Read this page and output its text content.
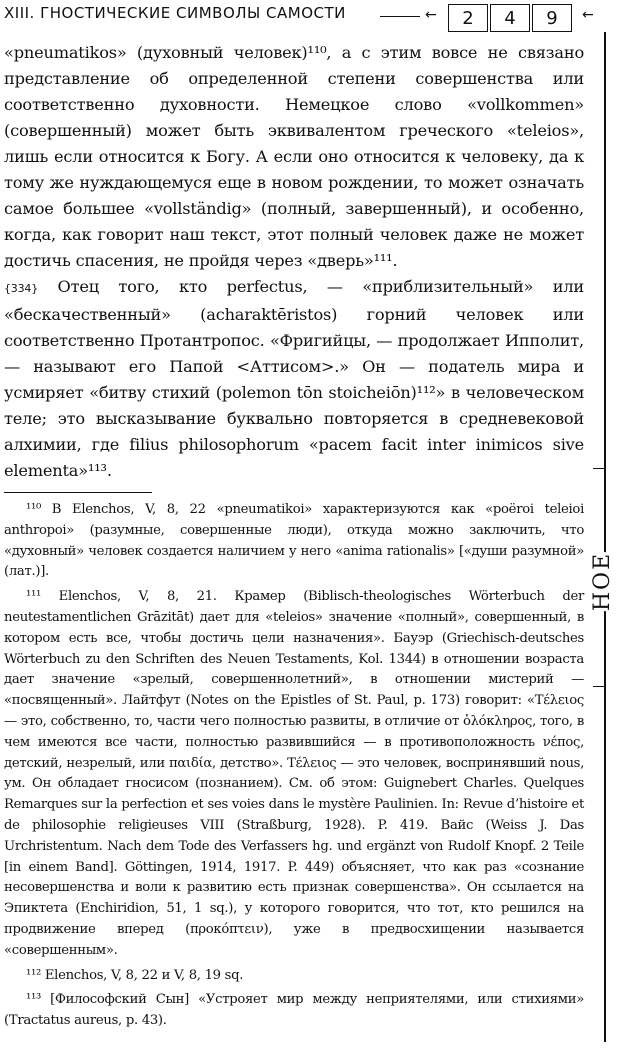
XIII. ГНОСТИЧЕСКИЕ СИМВОЛЫ САМОСТИ	←	2	4	9	←
НОЕ

«pneumatikos» (духовный человек)¹¹⁰, а с этим вовсе не связано представление об определенной степени совершенства или соответственно духовности. Немецкое слово «vollkommen» (совершенный) может быть эквивалентом греческого «teleios», лишь если относится к Богу. А если оно относится к человеку, да к тому же нуждающемуся еще в новом рождении, то может означать самое большее «vollständig» (полный, завершенный), и особенно, когда, как говорит наш текст, этот полный человек даже не может достичь спасения, не пройдя через «дверь»¹¹¹.

{334} Отец того, кто perfectus, — «приблизительный» или «бескачественный» (acharaktēristos) горний человек или соответственно Протантропос. «Фригийцы, — продолжает Ипполит, — называют его Папой <Аттисом>.» Он — податель мира и усмиряет «битву стихий (polemon tōn stoicheiōn)¹¹²» в человеческом теле; это высказывание буквально повторяется в средневековой алхимии, где filius philosophorum «pacem facit inter inimicos sive elementa»¹¹³.

¹¹⁰ В Elenchos, V, 8, 22 «pneumatikoi» характеризуются как «poëroi teleioi anthropoi» (разумные, совершенные люди), откуда можно заключить, что «духовный» человек создается наличием у него «anima rationalis» [«души разумной» (лат.)].

¹¹¹ Elenchos, V, 8, 21. Крамер (Biblisch-theologisches Wörterbuch der neutestamentlichen Grāzitāt) дает для «teleios» значение «полный», совершенный, в котором есть все, чтобы достичь цели назначения». Бауэр (Griechisch-deutsches Wörterbuch zu den Schriften des Neuen Testaments, Kol. 1344) в отношении возраста дает значение «зрелый, совершеннолетний», в отношении мистерий — «посвященный». Лайтфут (Notes on the Epistles of St. Paul, p. 173) говорит: «Τέλειος — это, собственно, то, части чего полностью развиты, в отличие от ὁλόκληρος, того, в чем имеются все части, полностью развившийся — в противоположность νέπος, детский, незрелый, или παιδία, детство». Τέλειος — это человек, воспринявший nous, ум. Он обладает гносисом (познанием). См. об этом: Guignebert Charles. Quelques Remarques sur la perfection et ses voies dans le mystère Paulinien. In: Revue d’histoire et de philosophie religieuses VIII (Straßburg, 1928). P. 419. Вайс (Weiss J. Das Urchristentum. Nach dem Tode des Verfassers hg. und ergänzt von Rudolf Knopf. 2 Teile [in einem Band]. Göttingen, 1914, 1917. P. 449) объясняет, что как раз «сознание несовершенства и воли к развитию есть признак совершенства». Он ссылается на Эпиктета (Enchiridion, 51, 1 sq.), у которого говорится, что тот, кто решился на продвижение вперед (προκόπτειν), уже в предвосхищении называется «совершенным».

¹¹² Elenchos, V, 8, 22 и V, 8, 19 sq.

¹¹³ [Философский Сын] «Устрояет мир между неприятелями, или стихиями» (Tractatus aureus, p. 43).
